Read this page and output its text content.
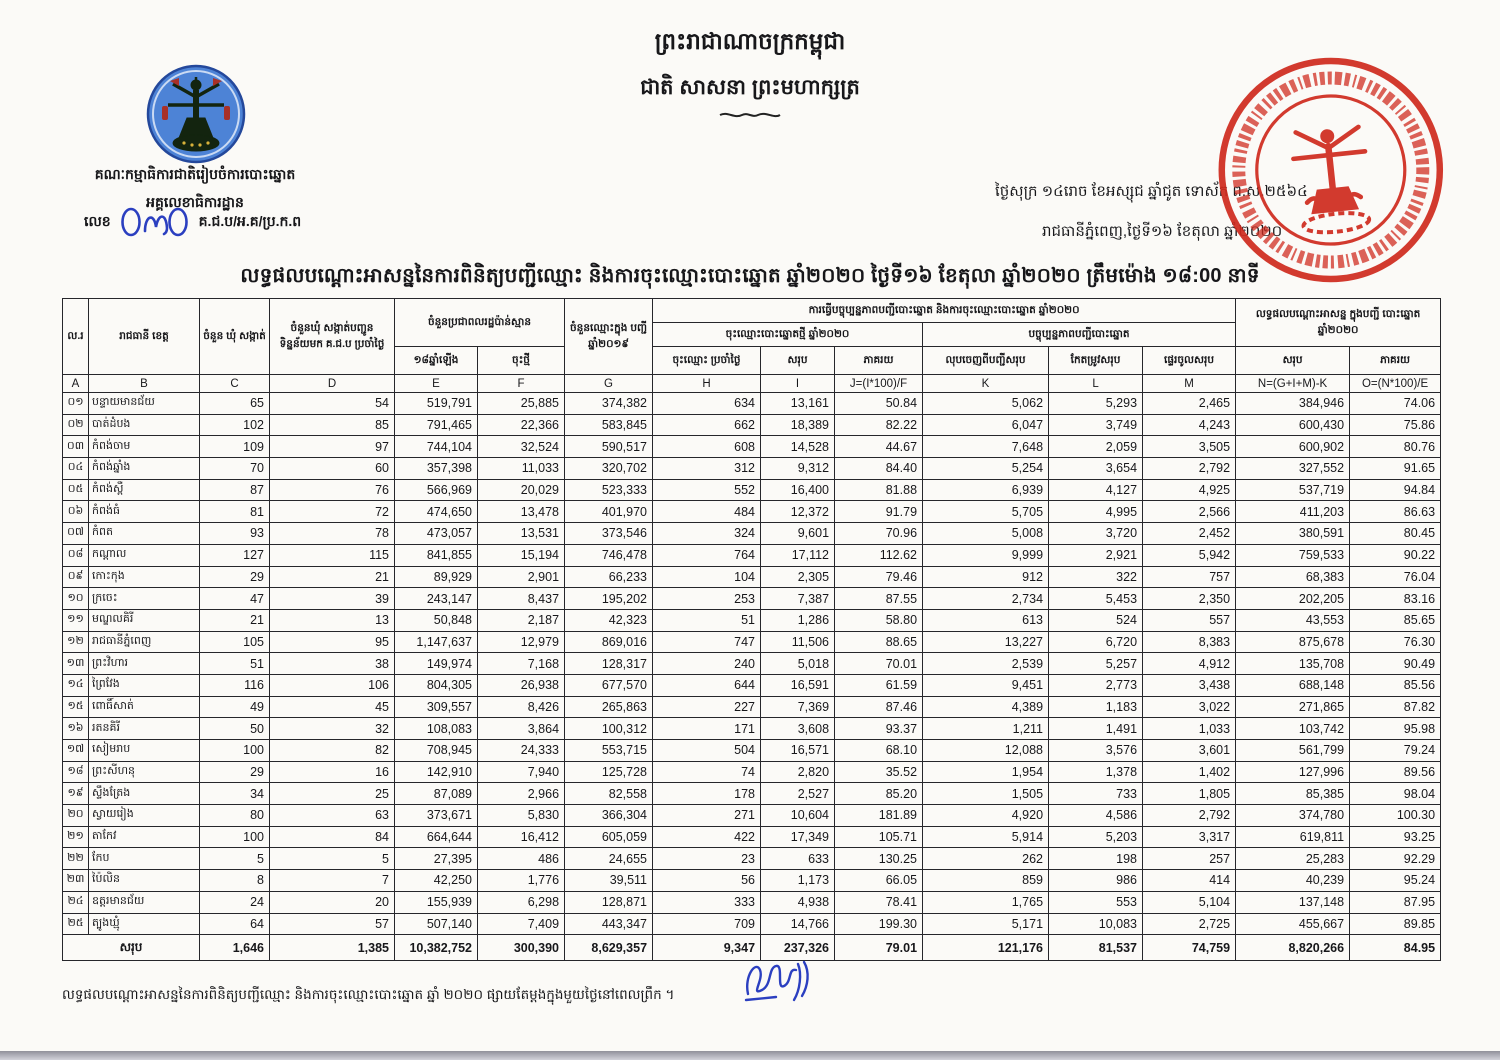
ព្រះរាជាណាចក្រកម្ពុជា
ជាតិ សាសនា ព្រះមហាក្សត្រ
គណៈកម្មាធិការជាតិរៀបចំការបោះឆ្នោត
អគ្គលេខាធិការដ្ឋាន
លេខ	គ.ជ.ប/អ.គ/ប្រ.ក.ព
ថ្ងៃសុក្រ ១៤រោច ខែអស្សុជ ឆ្នាំជូត ទោស័ក ព.ស.២៥៦៤
រាជធានីភ្នំពេញ,ថ្ងៃទី១៦ ខែតុលា ឆ្នាំ២០២០
លទ្ធផលបណ្តោះអាសន្ននៃការពិនិត្យបញ្ជីឈ្មោះ និងការចុះឈ្មោះបោះឆ្នោត ឆ្នាំ២០២០ ថ្ងៃទី១៦ ខែតុលា ឆ្នាំ២០២០ ត្រឹមម៉ោង ១៨:00 នាទី
ល.រ	រាជធានី ខេត្ត	ចំនួន ឃុំ សង្កាត់	ចំនួនឃុំ សង្កាត់បញ្ជូន ទិន្នន័យមក គ.ជ.ប ប្រចាំថ្ងៃ	ចំនួនប្រជាពលរដ្ឋប៉ាន់ស្មាន		ចំនួនឈ្មោះក្នុង បញ្ជី ឆ្នាំ២០១៩	ការធ្វើបច្ចុប្បន្នភាពបញ្ជីបោះឆ្នោត និងការចុះឈ្មោះបោះឆ្នោត ឆ្នាំ២០២០						លទ្ធផលបណ្តោះអាសន្ន ក្នុងបញ្ជី បោះឆ្នោត ឆ្នាំ២០២០	
							ចុះឈ្មោះបោះឆ្នោតថ្មី ឆ្នាំ២០២០			បច្ចុប្បន្នភាពបញ្ជីបោះឆ្នោត				
				១៨ឆ្នាំឡើង	ចុះថ្មី		ចុះឈ្មោះ ប្រចាំថ្ងៃ	សរុប	ភាគរយ	លុបចេញពីបញ្ជីសរុប	កែតម្រូវសរុប	ផ្ទេរចូលសរុប	សរុប	ភាគរយ
A	B	C	D	E	F	G	H	I	J=(I*100)/F	K	L	M	N=(G+I+M)-K	O=(N*100)/E
០១	បន្ទាយមានជ័យ	65	54	519,791	25,885	374,382	634	13,161	50.84	5,062	5,293	2,465	384,946	74.06
០២	បាត់ដំបង	102	85	791,465	22,366	583,845	662	18,389	82.22	6,047	3,749	4,243	600,430	75.86
០៣	កំពង់ចាម	109	97	744,104	32,524	590,517	608	14,528	44.67	7,648	2,059	3,505	600,902	80.76
០៤	កំពង់ឆ្នាំង	70	60	357,398	11,033	320,702	312	9,312	84.40	5,254	3,654	2,792	327,552	91.65
០៥	កំពង់ស្ពឺ	87	76	566,969	20,029	523,333	552	16,400	81.88	6,939	4,127	4,925	537,719	94.84
០៦	កំពង់ធំ	81	72	474,650	13,478	401,970	484	12,372	91.79	5,705	4,995	2,566	411,203	86.63
០៧	កំពត	93	78	473,057	13,531	373,546	324	9,601	70.96	5,008	3,720	2,452	380,591	80.45
០៨	កណ្តាល	127	115	841,855	15,194	746,478	764	17,112	112.62	9,999	2,921	5,942	759,533	90.22
០៩	កោះកុង	29	21	89,929	2,901	66,233	104	2,305	79.46	912	322	757	68,383	76.04
១០	ក្រចេះ	47	39	243,147	8,437	195,202	253	7,387	87.55	2,734	5,453	2,350	202,205	83.16
១១	មណ្ឌលគិរី	21	13	50,848	2,187	42,323	51	1,286	58.80	613	524	557	43,553	85.65
១២	រាជធានីភ្នំពេញ	105	95	1,147,637	12,979	869,016	747	11,506	88.65	13,227	6,720	8,383	875,678	76.30
១៣	ព្រះវិហារ	51	38	149,974	7,168	128,317	240	5,018	70.01	2,539	5,257	4,912	135,708	90.49
១៤	ព្រៃវែង	116	106	804,305	26,938	677,570	644	16,591	61.59	9,451	2,773	3,438	688,148	85.56
១៥	ពោធិ៍សាត់	49	45	309,557	8,426	265,863	227	7,369	87.46	4,389	1,183	3,022	271,865	87.82
១៦	រតនគិរី	50	32	108,083	3,864	100,312	171	3,608	93.37	1,211	1,491	1,033	103,742	95.98
១៧	សៀមរាប	100	82	708,945	24,333	553,715	504	16,571	68.10	12,088	3,576	3,601	561,799	79.24
១៨	ព្រះសីហនុ	29	16	142,910	7,940	125,728	74	2,820	35.52	1,954	1,378	1,402	127,996	89.56
១៩	ស្ទឹងត្រែង	34	25	87,089	2,966	82,558	178	2,527	85.20	1,505	733	1,805	85,385	98.04
២០	ស្វាយរៀង	80	63	373,671	5,830	366,304	271	10,604	181.89	4,920	4,586	2,792	374,780	100.30
២១	តាកែវ	100	84	664,644	16,412	605,059	422	17,349	105.71	5,914	5,203	3,317	619,811	93.25
២២	កែប	5	5	27,395	486	24,655	23	633	130.25	262	198	257	25,283	92.29
២៣	ប៉ៃលិន	8	7	42,250	1,776	39,511	56	1,173	66.05	859	986	414	40,239	95.24
២៤	ឧត្តរមានជ័យ	24	20	155,939	6,298	128,871	333	4,938	78.41	1,765	553	5,104	137,148	87.95
២៥	ត្បូងឃ្មុំ	64	57	507,140	7,409	443,347	709	14,766	199.30	5,171	10,083	2,725	455,667	89.85
សរុប		1,646	1,385	10,382,752	300,390	8,629,357	9,347	237,326	79.01	121,176	81,537	74,759	8,820,266	84.95
លទ្ធផលបណ្តោះអាសន្ននៃការពិនិត្យបញ្ជីឈ្មោះ និងការចុះឈ្មោះបោះឆ្នោត ឆ្នាំ ២០២០ ផ្សាយតែម្តងក្នុងមួយថ្ងៃនៅពេលព្រឹក ។
